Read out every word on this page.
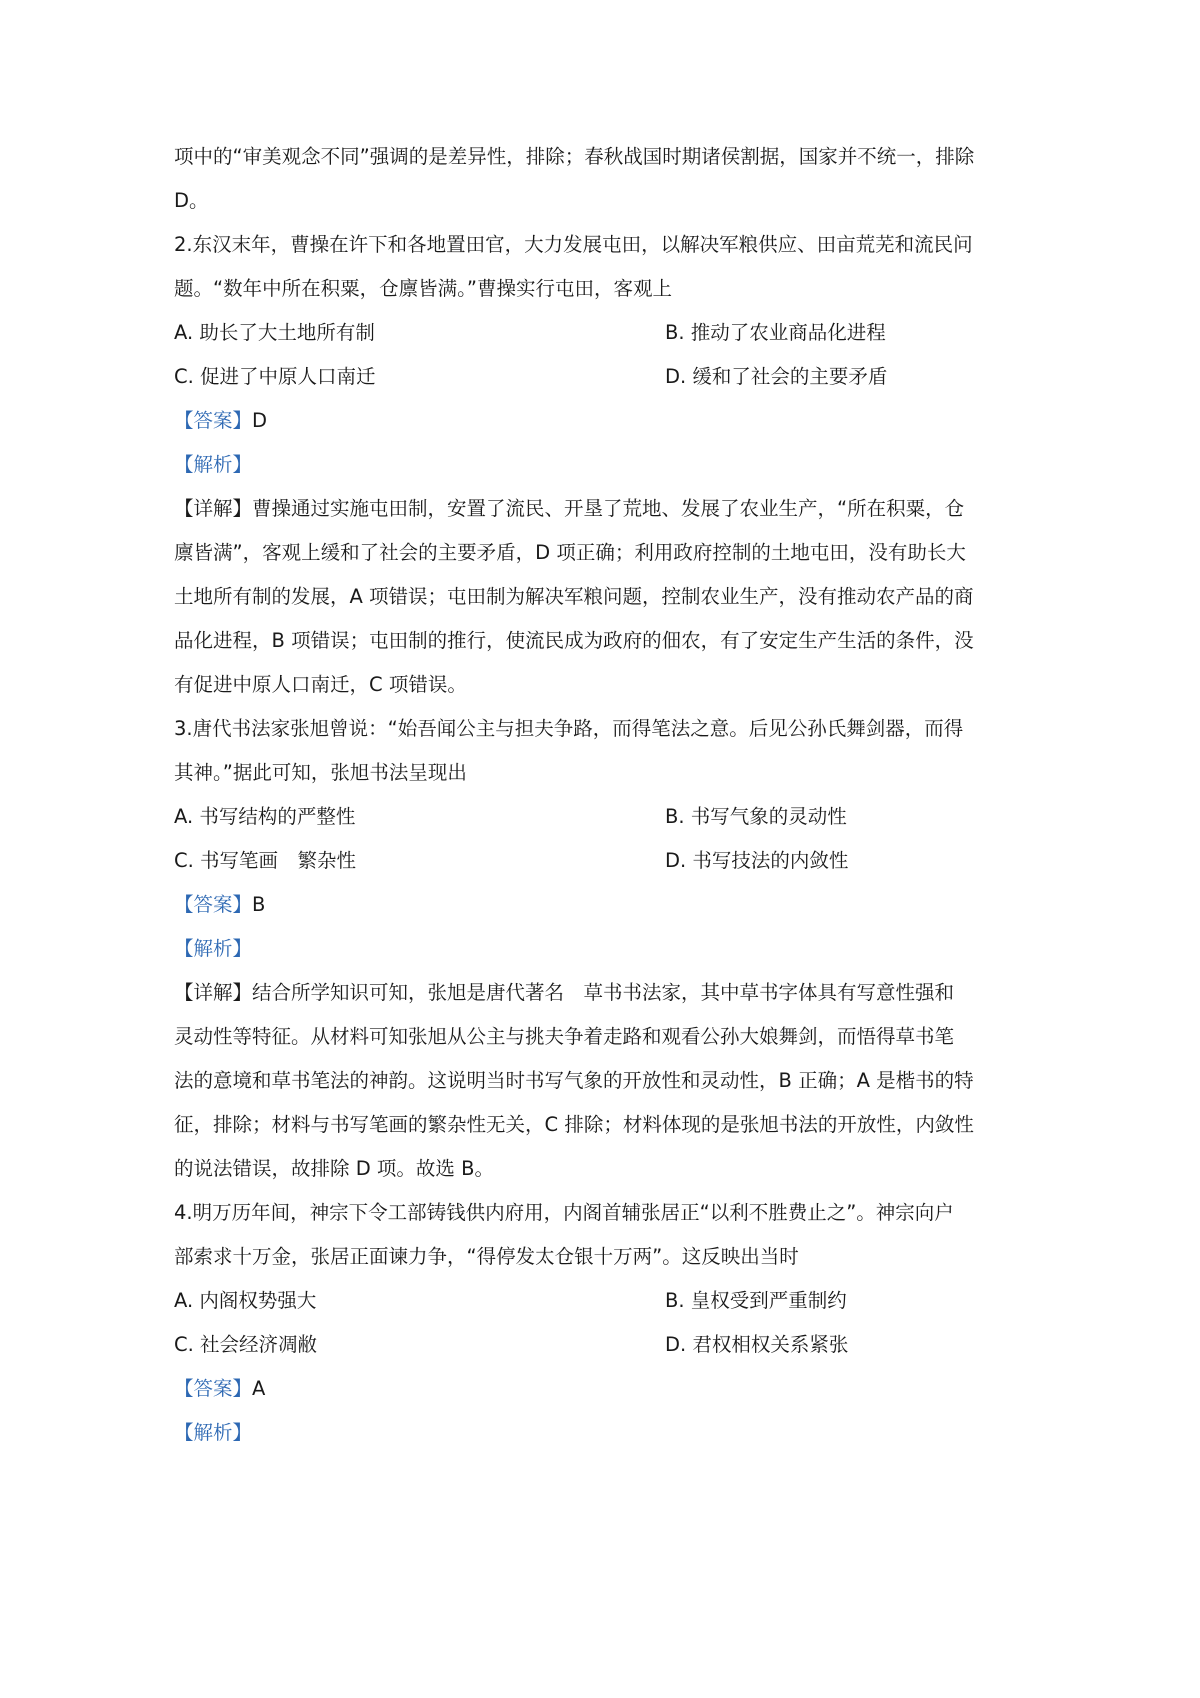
项中的“审美观念不同”强调的是差异性，排除；春秋战国时期诸侯割据，国家并不统一，排除
D。
2.东汉末年，曹操在许下和各地置田官，大力发展屯田，以解决军粮供应、田亩荒芜和流民问
题。“数年中所在积粟，仓廪皆满。”曹操实行屯田，客观上
A. 助长了大土地所有制	B. 推动了农业商品化进程
C. 促进了中原人口南迁	D. 缓和了社会的主要矛盾
【答案】D
【解析】
【详解】曹操通过实施屯田制，安置了流民、开垦了荒地、发展了农业生产，“所在积粟，仓
廪皆满”，客观上缓和了社会的主要矛盾，D 项正确；利用政府控制的土地屯田，没有助长大
土地所有制的发展，A 项错误；屯田制为解决军粮问题，控制农业生产，没有推动农产品的商
品化进程，B 项错误；屯田制的推行，使流民成为政府的佃农，有了安定生产生活的条件，没
有促进中原人口南迁，C 项错误。
3.唐代书法家张旭曾说：“始吾闻公主与担夫争路，而得笔法之意。后见公孙氏舞剑器，而得
其神。”据此可知，张旭书法呈现出
A. 书写结构的严整性	B. 书写气象的灵动性
C. 书写笔画　繁杂性	D. 书写技法的内敛性
【答案】B
【解析】
【详解】结合所学知识可知，张旭是唐代著名　草书书法家，其中草书字体具有写意性强和
灵动性等特征。从材料可知张旭从公主与挑夫争着走路和观看公孙大娘舞剑，而悟得草书笔
法的意境和草书笔法的神韵。这说明当时书写气象的开放性和灵动性，B 正确；A 是楷书的特
征，排除；材料与书写笔画的繁杂性无关，C 排除；材料体现的是张旭书法的开放性，内敛性
的说法错误，故排除 D 项。故选 B。
4.明万历年间，神宗下令工部铸钱供内府用，内阁首辅张居正“以利不胜费止之”。神宗向户
部索求十万金，张居正面谏力争，“得停发太仓银十万两”。这反映出当时
A. 内阁权势强大	B. 皇权受到严重制约
C. 社会经济凋敝	D. 君权相权关系紧张
【答案】A
【解析】
